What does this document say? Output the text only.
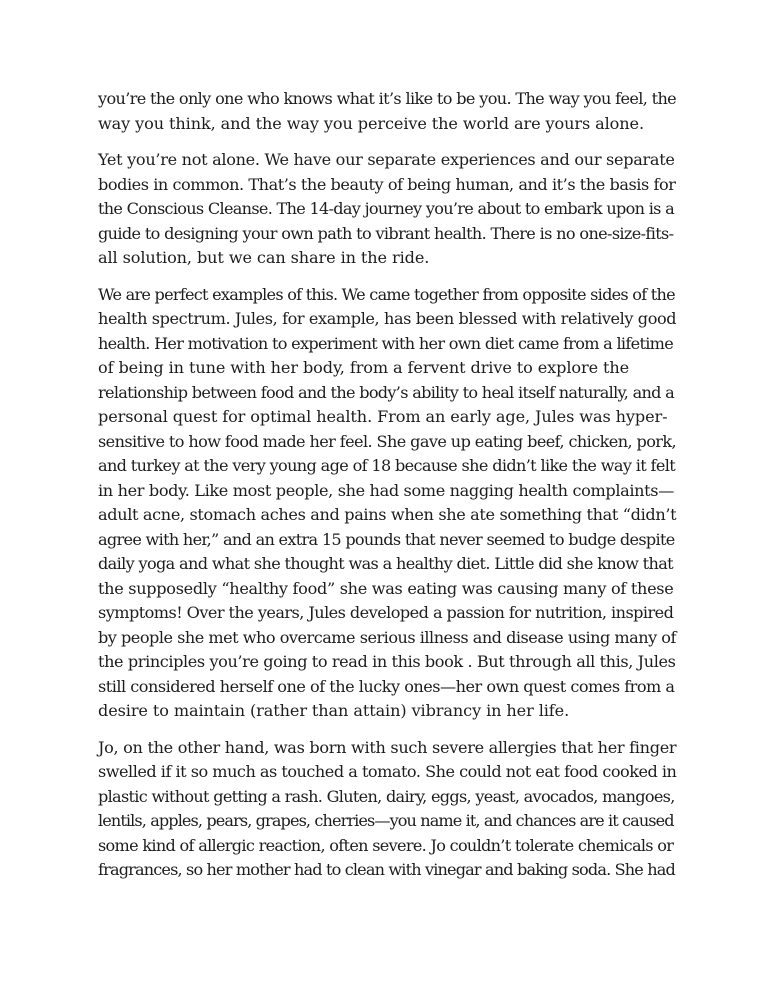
you’re the only one who knows what it’s like to be you. The way you feel, the
way you think, and the way you perceive the world are yours alone.

Yet you’re not alone. We have our separate experiences and our separate
bodies in common. That’s the beauty of being human, and it’s the basis for
the Conscious Cleanse. The 14-day journey you’re about to embark upon is a
guide to designing your own path to vibrant health. There is no one-size-fits-
all solution, but we can share in the ride.

We are perfect examples of this. We came together from opposite sides of the
health spectrum. Jules, for example, has been blessed with relatively good
health. Her motivation to experiment with her own diet came from a lifetime
of being in tune with her body, from a fervent drive to explore the
relationship between food and the body’s ability to heal itself naturally, and a
personal quest for optimal health. From an early age, Jules was hyper-
sensitive to how food made her feel. She gave up eating beef, chicken, pork,
and turkey at the very young age of 18 because she didn’t like the way it felt
in her body. Like most people, she had some nagging health complaints—
adult acne, stomach aches and pains when she ate something that “didn’t
agree with her,” and an extra 15 pounds that never seemed to budge despite
daily yoga and what she thought was a healthy diet. Little did she know that
the supposedly “healthy food” she was eating was causing many of these
symptoms! Over the years, Jules developed a passion for nutrition, inspired
by people she met who overcame serious illness and disease using many of
the principles you’re going to read in this book . But through all this, Jules
still considered herself one of the lucky ones—her own quest comes from a
desire to maintain (rather than attain) vibrancy in her life.

Jo, on the other hand, was born with such severe allergies that her finger
swelled if it so much as touched a tomato. She could not eat food cooked in
plastic without getting a rash. Gluten, dairy, eggs, yeast, avocados, mangoes,
lentils, apples, pears, grapes, cherries—you name it, and chances are it caused
some kind of allergic reaction, often severe. Jo couldn’t tolerate chemicals or
fragrances, so her mother had to clean with vinegar and baking soda. She had
